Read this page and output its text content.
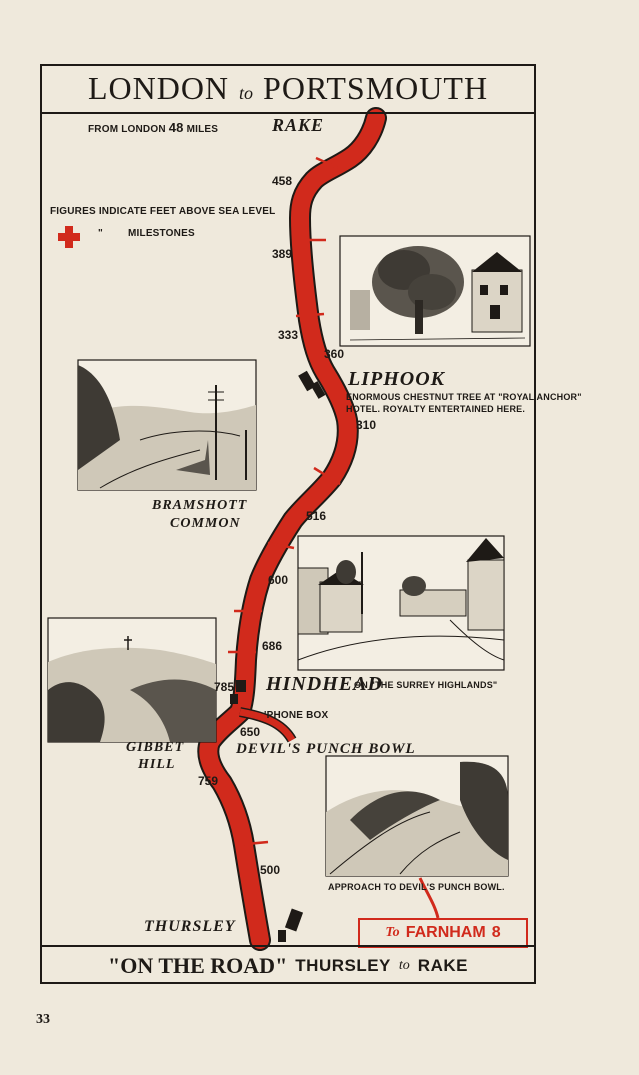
LONDON to PORTSMOUTH
FROM LONDON 48 MILES
FIGURES INDICATE FEET ABOVE SEA LEVEL
"	MILESTONES
RAKE
LIPHOOK
ENORMOUS CHESTNUT TREE AT "ROYAL ANCHOR"
HOTEL. ROYALTY ENTERTAINED HERE.
BRAMSHOTT
COMMON
HINDHEAD
ON "THE SURREY HIGHLANDS"
'PHONE BOX
GIBBET
HILL
DEVIL'S PUNCH BOWL
APPROACH TO DEVIL'S PUNCH BOWL.
THURSLEY
458
389
333
360
310
516
600
686
785
650
759
500
To FARNHAM 8
"ON THE ROAD" THURSLEY to RAKE
33
